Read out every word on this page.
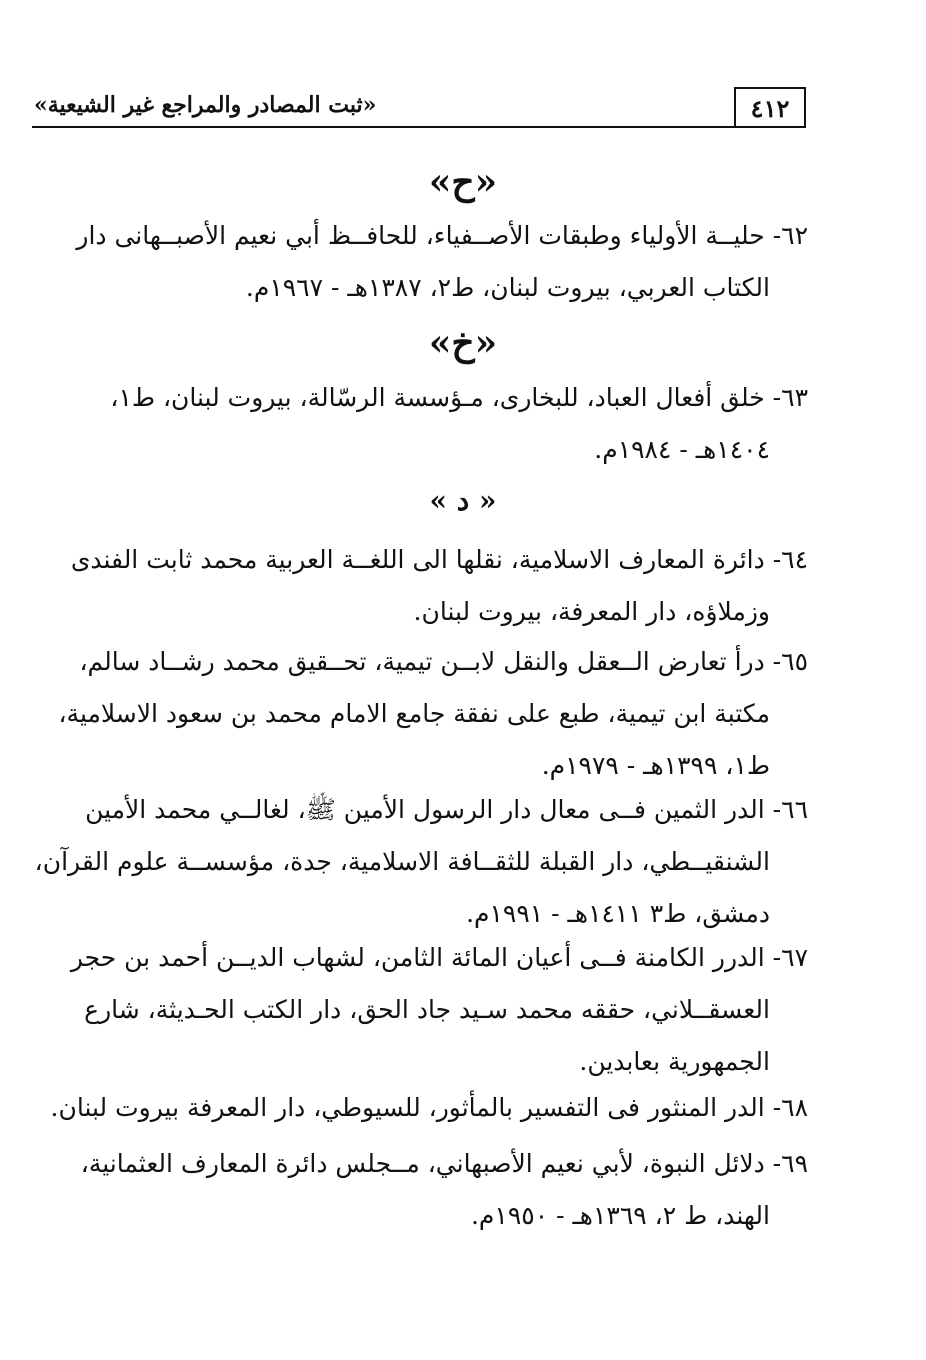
٤١٢
«ثبت المصادر والمراجع غير الشيعية»
«ح»
٦٢- حليــة الأولياء وطبقات الأصــفياء، للحافــظ أبي نعيم الأصبــهانى دار
الكتاب العربي، بيروت لبنان، ط٢، ١٣٨٧هـ - ١٩٦٧م.
«خ»
٦٣- خلق أفعال العباد، للبخارى، مـؤسسة الرسّالة، بيروت لبنان، ط١،
١٤٠٤هـ - ١٩٨٤م.
« د »
٦٤- دائرة المعارف الاسلامية، نقلها الى اللغــة العربية محمد ثابت الفندى
وزملاؤه، دار المعرفة، بيروت لبنان.
٦٥- درأ تعارض الــعقل والنقل لابــن تيمية، تحــقيق محمد رشــاد سالم،
مكتبة ابن تيمية، طبع على نفقة جامع الامام محمد بن سعود الاسلامية،
ط١، ١٣٩٩هـ - ١٩٧٩م.
٦٦- الدر الثمين فــى معال دار الرسول الأمين ﷺ، لغالــي محمد الأمين
الشنقيــطي، دار القبلة للثقــافة الاسلامية، جدة، مؤسســة علوم القرآن،
دمشق، ط٣ ١٤١١هـ - ١٩٩١م.
٦٧- الدرر الكامنة فــى أعيان المائة الثامن، لشهاب الديــن أحمد بن حجر
العسقــلاني، حققه محمد سـيد جاد الحق، دار الكتب الحـديثة، شارع
الجمهورية بعابدين.
٦٨- الدر المنثور فى التفسير بالمأثور، للسيوطي، دار المعرفة بيروت لبنان.
٦٩- دلائل النبوة، لأبي نعيم الأصبهاني، مــجلس دائرة المعارف العثمانية،
الهند، ط ٢، ١٣٦٩هـ - ١٩٥٠م.
